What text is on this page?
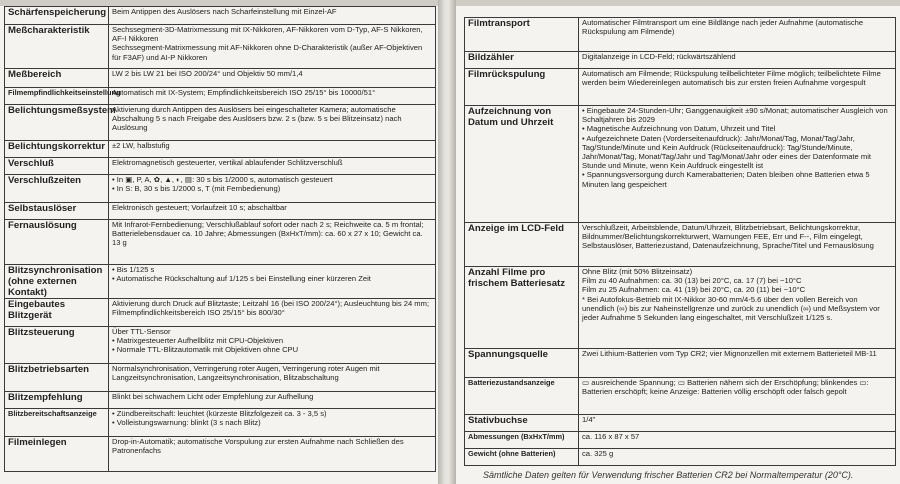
Schärfenspeicherung	Beim Antippen des Auslösers nach Scharfeinstellung mit Einzel-AF
Meßcharakteristik	Sechssegment-3D-Matrixmessung mit IX-Nikkoren, AF-Nikkoren vom D-Typ, AF-S Nikkoren, AF-I Nikkoren
Sechssegment-Matrixmessung mit AF-Nikkoren ohne D-Charakteristik (außer AF-Objektiven für F3AF) und AI-P Nikkoren
Meßbereich	LW 2 bis LW 21 bei ISO 200/24° und Objektiv 50 mm/1,4
Filmempfindlichkeitseinstellung	Automatisch mit IX-System; Empfindlichkeitsbereich ISO 25/15° bis 10000/51°
Belichtungsmeßsystem	Aktivierung durch Antippen des Auslösers bei eingeschalteter Kamera; automatische Abschaltung 5 s nach Freigabe des Auslösers bzw. 2 s (bzw. 5 s bei Blitzeinsatz) nach Auslösung
Belichtungskorrektur	±2 LW, halbstufig
Verschluß	Elektromagnetisch gesteuerter, vertikal ablaufender Schlitzverschluß
Verschlußzeiten	• In ▣, P, A, ✿, ▲, ◐, ▤: 30 s bis 1/2000 s, automatisch gesteuert
• In S: B, 30 s bis 1/2000 s, T (mit Fernbedienung)
Selbstauslöser	Elektronisch gesteuert; Vorlaufzeit 10 s; abschaltbar
Fernauslösung	Mit Infrarot-Fernbedienung; Verschlußablauf sofort oder nach 2 s; Reichweite ca. 5 m frontal; Batterielebensdauer ca. 10 Jahre; Abmessungen (BxHxT/mm): ca. 60 x 27 x 10; Gewicht ca. 13 g
Blitzsynchronisation (ohne externen Kontakt)	• Bis 1/125 s
• Automatische Rückschaltung auf 1/125 s bei Einstellung einer kürzeren Zeit
Eingebautes Blitzgerät	Aktivierung durch Druck auf Blitztaste; Leitzahl 16 (bei ISO 200/24°); Ausleuchtung bis 24 mm; Filmempfindlichkeitsbereich ISO 25/15° bis 800/30°
Blitzsteuerung	Über TTL-Sensor
• Matrixgesteuerter Aufhellblitz mit CPU-Objektiven
• Normale TTL-Blitzautomatik mit Objektiven ohne CPU
Blitzbetriebsarten	Normalsynchronisation, Verringerung roter Augen, Verringerung roter Augen mit Langzeitsynchronisation, Langzeitsynchronisation, Blitzabschaltung
Blitzempfehlung	Blinkt bei schwachem Licht oder Empfehlung zur Aufhellung
Blitzbereitschaftsanzeige	• Zündbereitschaft: leuchtet (kürzeste Blitzfolgezeit ca. 3 - 3,5 s)
• Volleistungswarnung: blinkt (3 s nach Blitz)
Filmeinlegen	Drop-in-Automatik; automatische Vorspulung zur ersten Aufnahme nach Schließen des Patronenfachs
Filmtransport	Automatischer Filmtransport um eine Bildlänge nach jeder Aufnahme (automatische Rückspulung am Filmende)
Bildzähler	Digitalanzeige in LCD-Feld; rückwärtszählend
Filmrückspulung	Automatisch am Filmende; Rückspulung teilbelichteter Filme möglich; teilbelichtete Filme werden beim Wiedereinlegen automatisch bis zur ersten freien Aufnahme vorgespult
Aufzeichnung von Datum und Uhrzeit	• Eingebaute 24-Stunden-Uhr; Ganggenauigkeit ±90 s/Monat; automatischer Ausgleich von Schaltjahren bis 2029
• Magnetische Aufzeichnung von Datum, Uhrzeit und Titel
• Aufgezeichnete Daten (Vorderseitenaufdruck): Jahr/Monat/Tag, Monat/Tag/Jahr, Tag/Stunde/Minute und Kein Aufdruck (Rückseitenaufdruck): Tag/Stunde/Minute, Jahr/Monat/Tag, Monat/Tag/Jahr und Tag/Monat/Jahr oder eines der Datenformate mit Stunde und Minute, wenn Kein Aufdruck eingestellt ist
• Spannungsversorgung durch Kamerabatterien; Daten bleiben ohne Batterien etwa 5 Minuten lang gespeichert
Anzeige im LCD-Feld	Verschlußzeit, Arbeitsblende, Datum/Uhrzeit, Blitzbetriebsart, Belichtungskorrektur, Bildnummer/Belichtungskorrekturwert, Warnungen FEE, Err und F--, Film eingelegt, Selbstauslöser, Batteriezustand, Datenaufzeichnung, Sprache/Titel und Fernauslösung
Anzahl Filme pro frischem Batteriesatz	Ohne Blitz (mit 50% Blitzeinsatz)
Film zu 40 Aufnahmen: ca. 30 (13) bei 20°C, ca. 17 (7) bei −10°C
Film zu 25 Aufnahmen: ca. 41 (19) bei 20°C, ca. 20 (11) bei −10°C
* Bei Autofokus-Betrieb mit IX-Nikkor 30-60 mm/4-5.6 über den vollen Bereich von unendlich (∞) bis zur Naheinstellgrenze und zurück zu unendlich (∞) und Meßsystem vor jeder Aufnahme 5 Sekunden lang eingeschaltet, mit Verschlußzeit 1/125 s.
Spannungsquelle	Zwei Lithium-Batterien vom Typ CR2; vier Mignonzellen mit externem Batterieteil MB-11
Batteriezustandsanzeige	▭ ausreichende Spannung; ▭ Batterien nähern sich der Erschöpfung; blinkendes ▭: Batterien erschöpft; keine Anzeige: Batterien völlig erschöpft oder falsch gepolt
Stativbuchse	1/4"
Abmessungen (BxHxT/mm)	ca. 116 x 87 x 57
Gewicht (ohne Batterien)	ca. 325 g
Sämtliche Daten gelten für Verwendung frischer Batterien CR2 bei Normaltemperatur (20°C).
